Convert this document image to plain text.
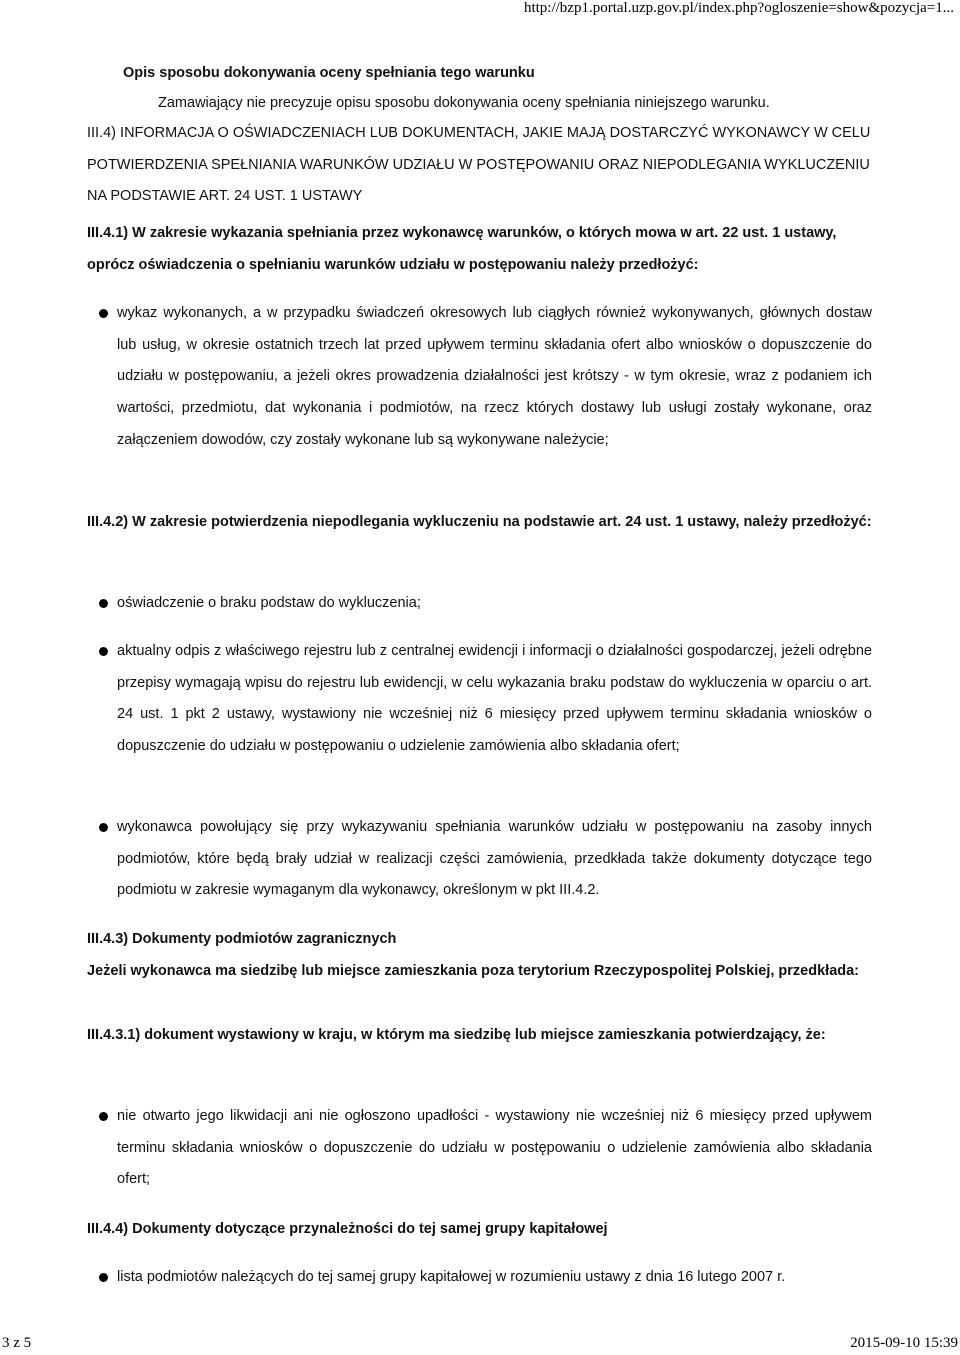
http://bzp1.portal.uzp.gov.pl/index.php?ogloszenie=show&pozycja=1...
Opis sposobu dokonywania oceny spełniania tego warunku
Zamawiający nie precyzuje opisu sposobu dokonywania oceny spełniania niniejszego warunku.

III.4) INFORMACJA O OŚWIADCZENIACH LUB DOKUMENTACH, JAKIE MAJĄ DOSTARCZYĆ WYKONAWCY W CELU POTWIERDZENIA SPEŁNIANIA WARUNKÓW UDZIAŁU W POSTĘPOWANIU ORAZ NIEPODLEGANIA WYKLUCZENIU NA PODSTAWIE ART. 24 UST. 1 USTAWY

III.4.1) W zakresie wykazania spełniania przez wykonawcę warunków, o których mowa w art. 22 ust. 1 ustawy, oprócz oświadczenia o spełnianiu warunków udziału w postępowaniu należy przedłożyć:

wykaz wykonanych, a w przypadku świadczeń okresowych lub ciągłych również wykonywanych, głównych dostaw lub usług, w okresie ostatnich trzech lat przed upływem terminu składania ofert albo wniosków o dopuszczenie do udziału w postępowaniu, a jeżeli okres prowadzenia działalności jest krótszy - w tym okresie, wraz z podaniem ich wartości, przedmiotu, dat wykonania i podmiotów, na rzecz których dostawy lub usługi zostały wykonane, oraz załączeniem dowodów, czy zostały wykonane lub są wykonywane należycie;

III.4.2) W zakresie potwierdzenia niepodlegania wykluczeniu na podstawie art. 24 ust. 1 ustawy, należy przedłożyć:

oświadczenie o braku podstaw do wykluczenia;
aktualny odpis z właściwego rejestru lub z centralnej ewidencji i informacji o działalności gospodarczej, jeżeli odrębne przepisy wymagają wpisu do rejestru lub ewidencji, w celu wykazania braku podstaw do wykluczenia w oparciu o art. 24 ust. 1 pkt 2 ustawy, wystawiony nie wcześniej niż 6 miesięcy przed upływem terminu składania wniosków o dopuszczenie do udziału w postępowaniu o udzielenie zamówienia albo składania ofert;
wykonawca powołujący się przy wykazywaniu spełniania warunków udziału w postępowaniu na zasoby innych podmiotów, które będą brały udział w realizacji części zamówienia, przedkłada także dokumenty dotyczące tego podmiotu w zakresie wymaganym dla wykonawcy, określonym w pkt III.4.2.

III.4.3) Dokumenty podmiotów zagranicznych

Jeżeli wykonawca ma siedzibę lub miejsce zamieszkania poza terytorium Rzeczypospolitej Polskiej, przedkłada:

III.4.3.1) dokument wystawiony w kraju, w którym ma siedzibę lub miejsce zamieszkania potwierdzający, że:

nie otwarto jego likwidacji ani nie ogłoszono upadłości - wystawiony nie wcześniej niż 6 miesięcy przed upływem terminu składania wniosków o dopuszczenie do udziału w postępowaniu o udzielenie zamówienia albo składania ofert;

III.4.4) Dokumenty dotyczące przynależności do tej samej grupy kapitałowej

lista podmiotów należących do tej samej grupy kapitałowej w rozumieniu ustawy z dnia 16 lutego 2007 r.
3 z 5	2015-09-10 15:39
